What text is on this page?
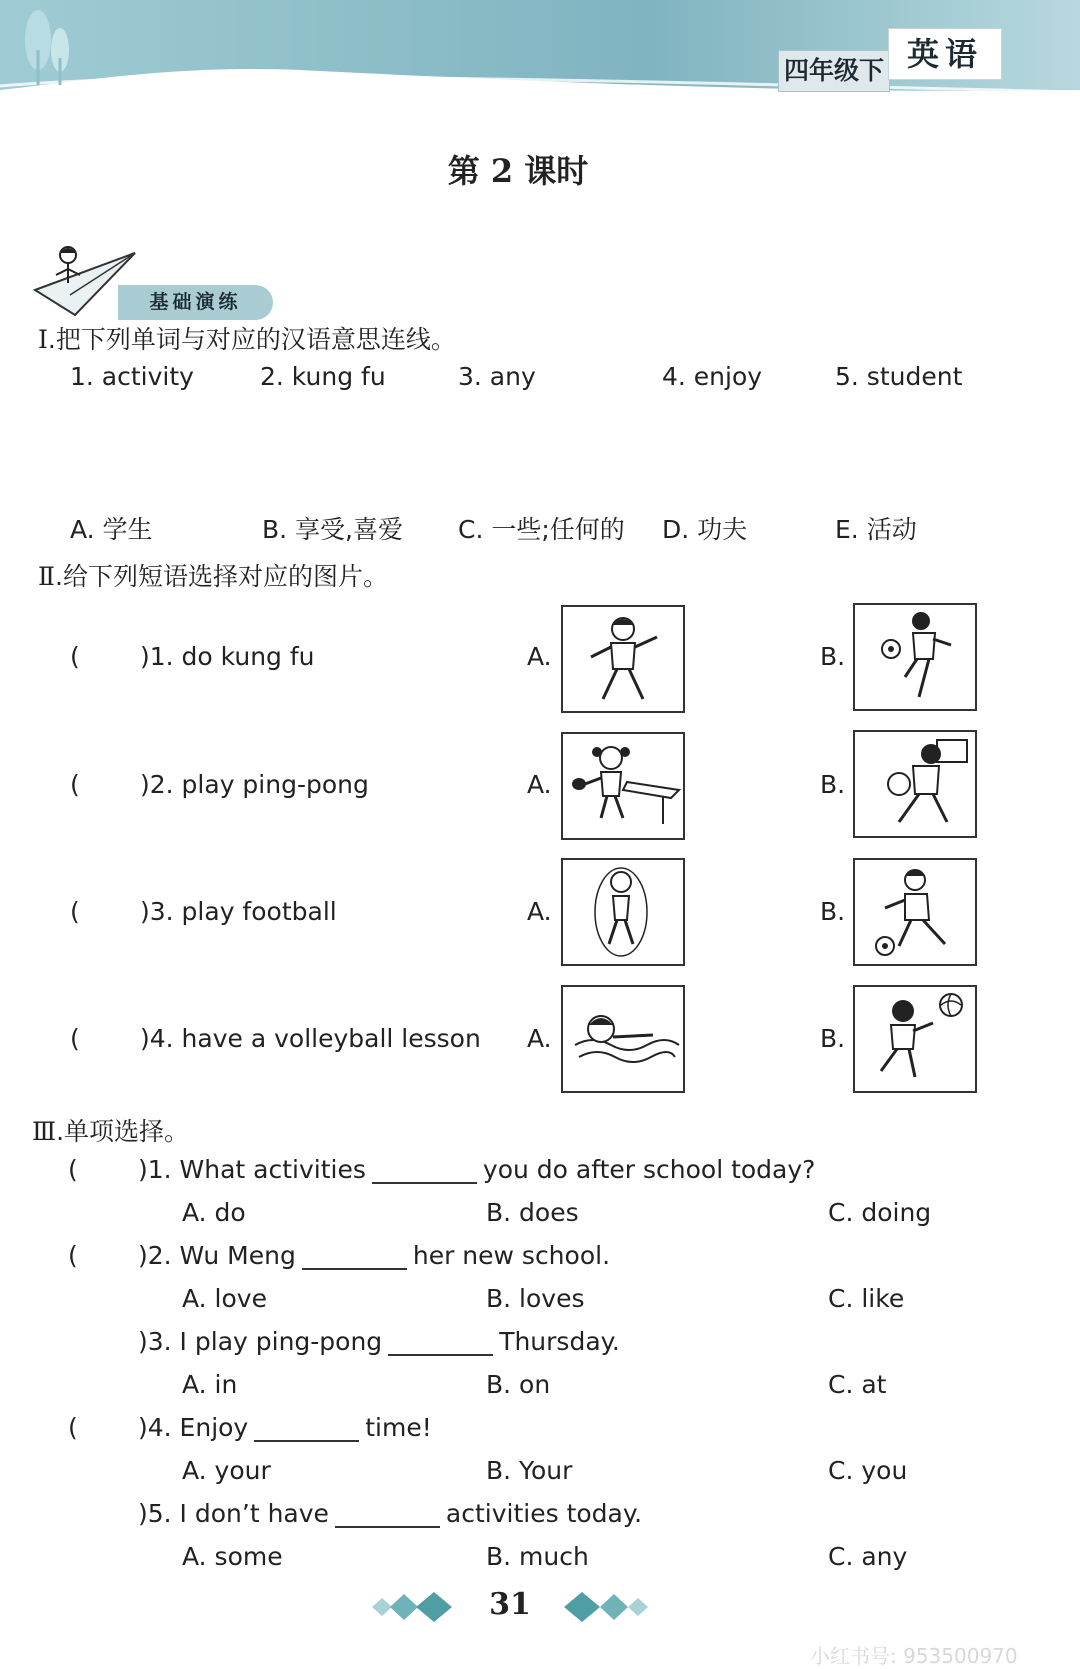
四年级下 英语
第 2 课时
基础演练
Ⅰ.把下列单词与对应的汉语意思连线。
1. activity	2. kung fu	3. any	4. enjoy	5. student
A. 学生	B. 享受,喜爱 C. 一些;任何的 D. 功夫	E. 活动
Ⅱ.给下列短语选择对应的图片。
( )1. do kung fu	A.	B.
( )2. play ping-pong	A.	B.
( )3. play football	A.	B.
( )4. have a volleyball lesson A.	B.
Ⅲ.单项选择。
( )1. What activities	you do after school today?
A. do	B. does	C. doing
( )2. Wu Meng	her new school.
A. love	B. loves	C. like
)3. I play ping-pong	Thursday.
A. in	B. on	C. at
( )4. Enjoy	time!
A. your	B. Your	C. you
)5. I don’t have	activities today.
A. some	B. much	C. any
31
小红书号: 953500970
